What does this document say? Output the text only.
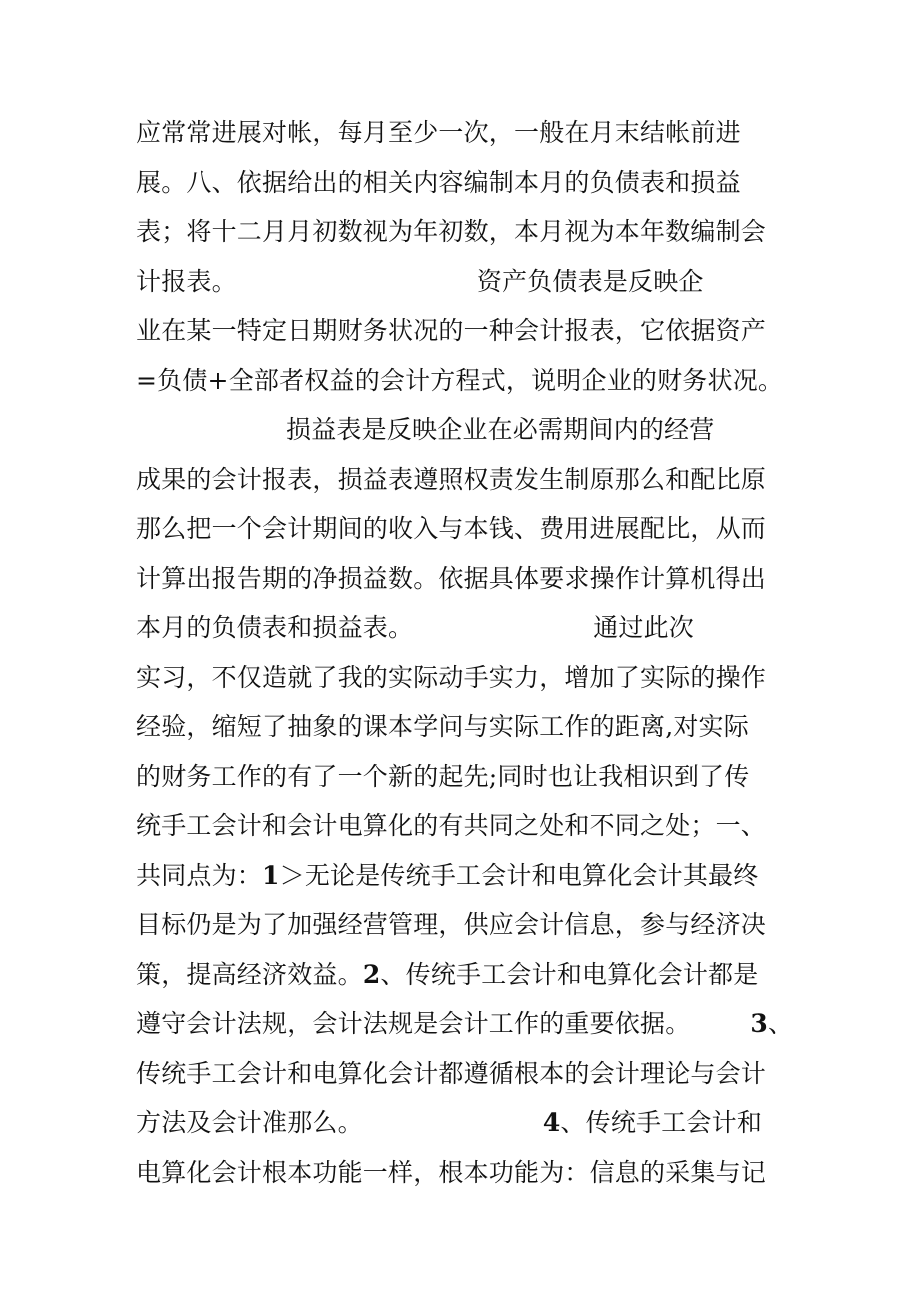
应常常进展对帐，每月至少一次，一般在月末结帐前进
展。八、依据给出的相关内容编制本月的负债表和损益
表；将十二月月初数视为年初数，本月视为本年数编制会
计报表。	资产负债表是反映企
业在某一特定日期财务状况的一种会计报表，它依据资产
=负债+全部者权益的会计方程式，说明企业的财务状况。
损益表是反映企业在必需期间内的经营
成果的会计报表，损益表遵照权责发生制原那么和配比原
那么把一个会计期间的收入与本钱、费用进展配比，从而
计算出报告期的净损益数。依据具体要求操作计算机得出
本月的负债表和损益表。	通过此次
实习，不仅造就了我的实际动手实力，增加了实际的操作
经验，缩短了抽象的课本学问与实际工作的距离,对实际
的财务工作的有了一个新的起先;同时也让我相识到了传
统手工会计和会计电算化的有共同之处和不同之处；一、
共同点为：1＞无论是传统手工会计和电算化会计其最终
目标仍是为了加强经营管理，供应会计信息，参与经济决
策，提高经济效益。2、传统手工会计和电算化会计都是
遵守会计法规，会计法规是会计工作的重要依据。 3、
传统手工会计和电算化会计都遵循根本的会计理论与会计
方法及会计准那么。	4、传统手工会计和
电算化会计根本功能一样，根本功能为：信息的采集与记
